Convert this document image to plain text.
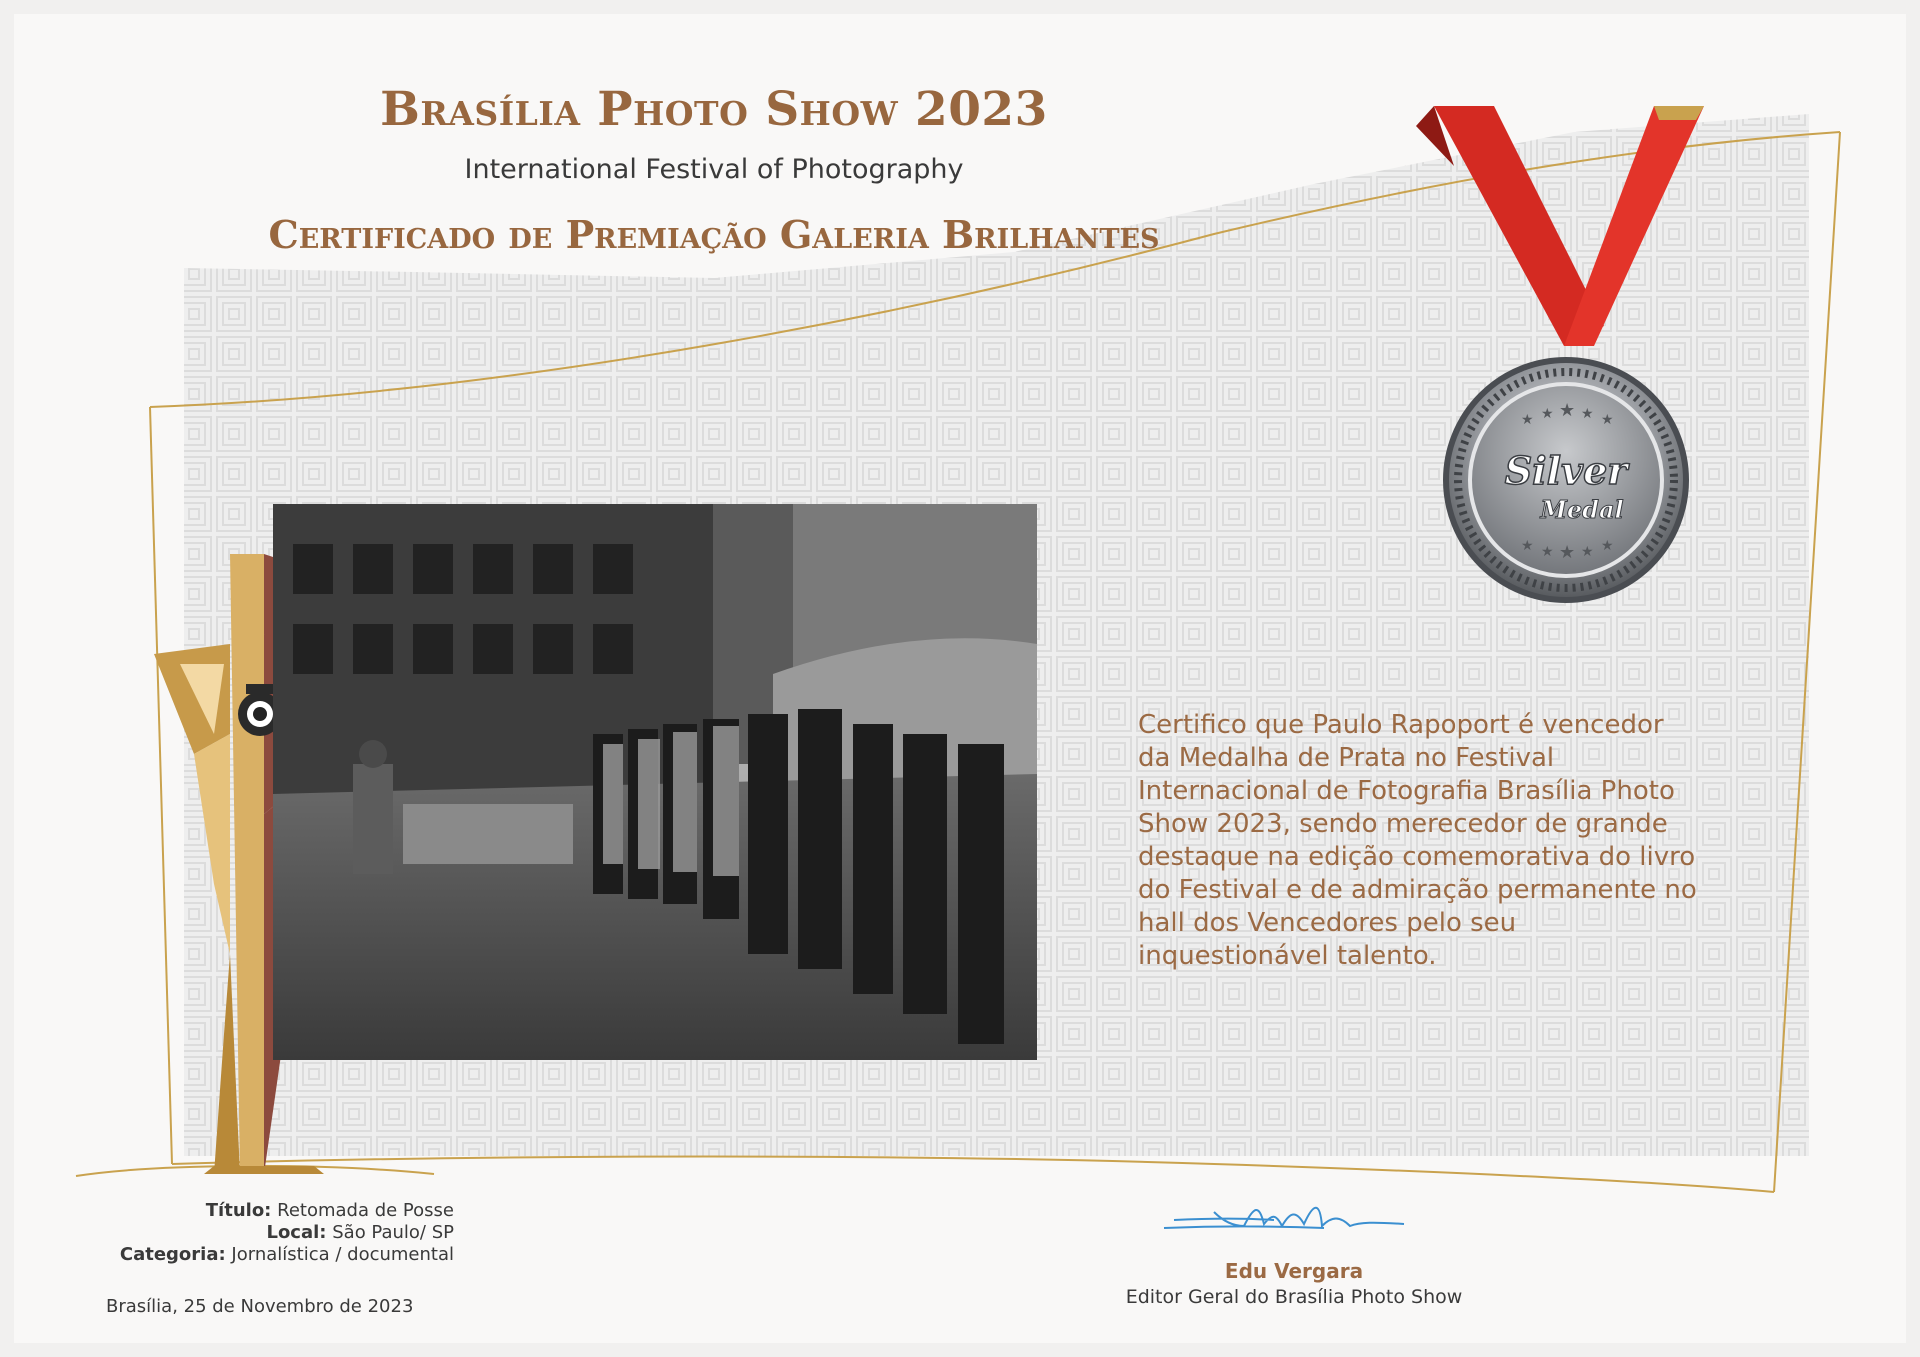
Brasília Photo Show 2023
International Festival of Photography
Certificado de Premiação Galeria Brilhantes
★ ★ ★ ★ ★
★ ★ ★ ★ ★
Silver
Medal
Certifico que Paulo Rapoport é vencedor da Medalha de Prata no Festival Internacional de Fotografia Brasília Photo Show 2023, sendo merecedor de grande destaque na edição comemorativa do livro do Festival e de admiração permanente no hall dos Vencedores pelo seu inquestionável talento.
Título: Retomada de Posse
Local: São Paulo/ SP
Categoria: Jornalística / documental
Brasília, 25 de Novembro de 2023
Edu Vergara
Editor Geral do Brasília Photo Show
